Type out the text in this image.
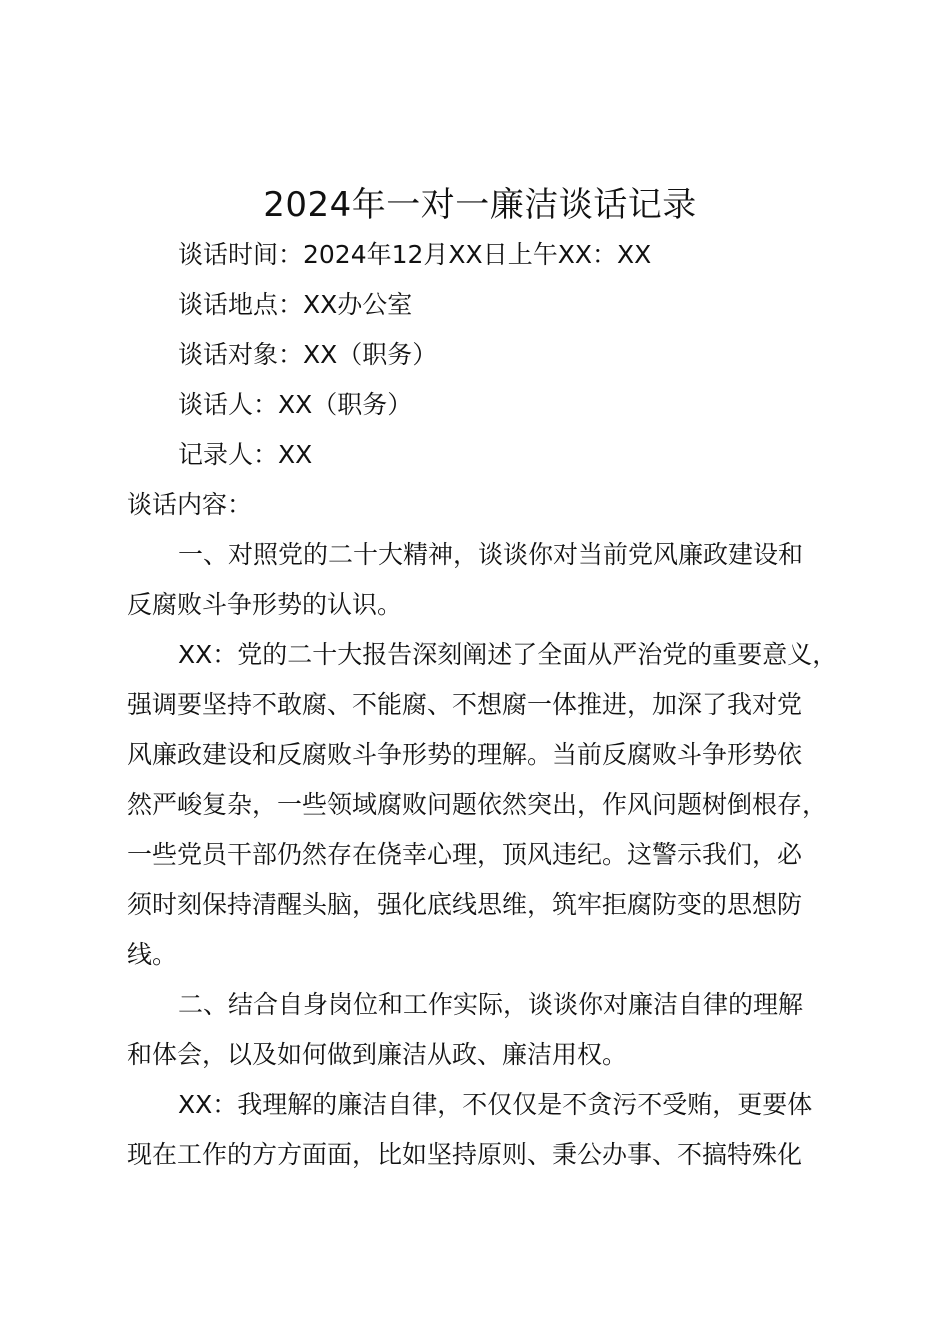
2024年一对一廉洁谈话记录
谈话时间：2024年12月XX日上午XX：XX
谈话地点：XX办公室
谈话对象：XX（职务）
谈话人：XX（职务）
记录人：XX
谈话内容：
一、对照党的二十大精神，谈谈你对当前党风廉政建设和
反腐败斗争形势的认识。
XX：党的二十大报告深刻阐述了全面从严治党的重要意义，
强调要坚持不敢腐、不能腐、不想腐一体推进，加深了我对党
风廉政建设和反腐败斗争形势的理解。当前反腐败斗争形势依
然严峻复杂，一些领域腐败问题依然突出，作风问题树倒根存，
一些党员干部仍然存在侥幸心理，顶风违纪。这警示我们，必
须时刻保持清醒头脑，强化底线思维，筑牢拒腐防变的思想防
线。
二、结合自身岗位和工作实际，谈谈你对廉洁自律的理解
和体会，以及如何做到廉洁从政、廉洁用权。
XX：我理解的廉洁自律，不仅仅是不贪污不受贿，更要体
现在工作的方方面面，比如坚持原则、秉公办事、不搞特殊化
